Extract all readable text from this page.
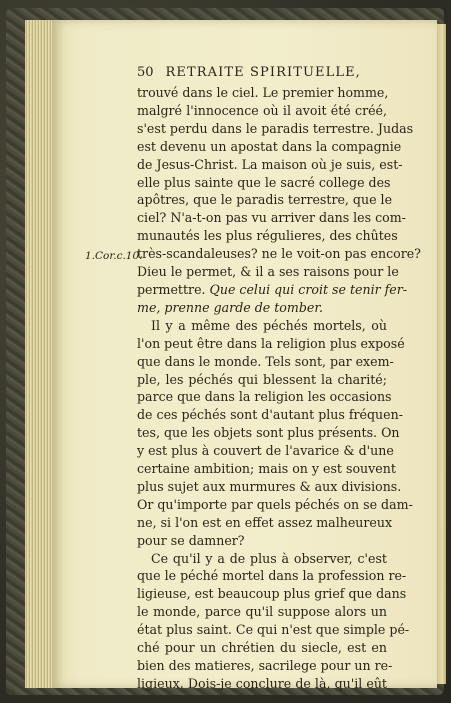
1.Cor.c.10.
50 RETRAITE SPIRITUELLE,
trouvé dans le ciel. Le premier homme,
malgré l'innocence où il avoit été créé,
s'est perdu dans le paradis terrestre. Judas
est devenu un apostat dans la compagnie
de Jesus-Christ. La maison où je suis, est-
elle plus sainte que le sacré college des
apôtres, que le paradis terrestre, que le
ciel? N'a-t-on pas vu arriver dans les com-
munautés les plus régulieres, des chûtes
très-scandaleuses? ne le voit-on pas encore?
Dieu le permet, & il a ses raisons pour le
permettre. Que celui qui croit se tenir fer-
me, prenne garde de tomber.
Il y a même des péchés mortels, où
l'on peut être dans la religion plus exposé
que dans le monde. Tels sont, par exem-
ple, les péchés qui blessent la charité;
parce que dans la religion les occasions
de ces péchés sont d'autant plus fréquen-
tes, que les objets sont plus présents. On
y est plus à couvert de l'avarice & d'une
certaine ambition; mais on y est souvent
plus sujet aux murmures & aux divisions.
Or qu'importe par quels péchés on se dam-
ne, si l'on est en effet assez malheureux
pour se damner?
Ce qu'il y a de plus à observer, c'est
que le péché mortel dans la profession re-
ligieuse, est beaucoup plus grief que dans
le monde, parce qu'il suppose alors un
état plus saint. Ce qui n'est que simple pé-
ché pour un chrétien du siecle, est en
bien des matieres, sacrilege pour un re-
ligieux. Dois-je conclure de là, qu'il eût
